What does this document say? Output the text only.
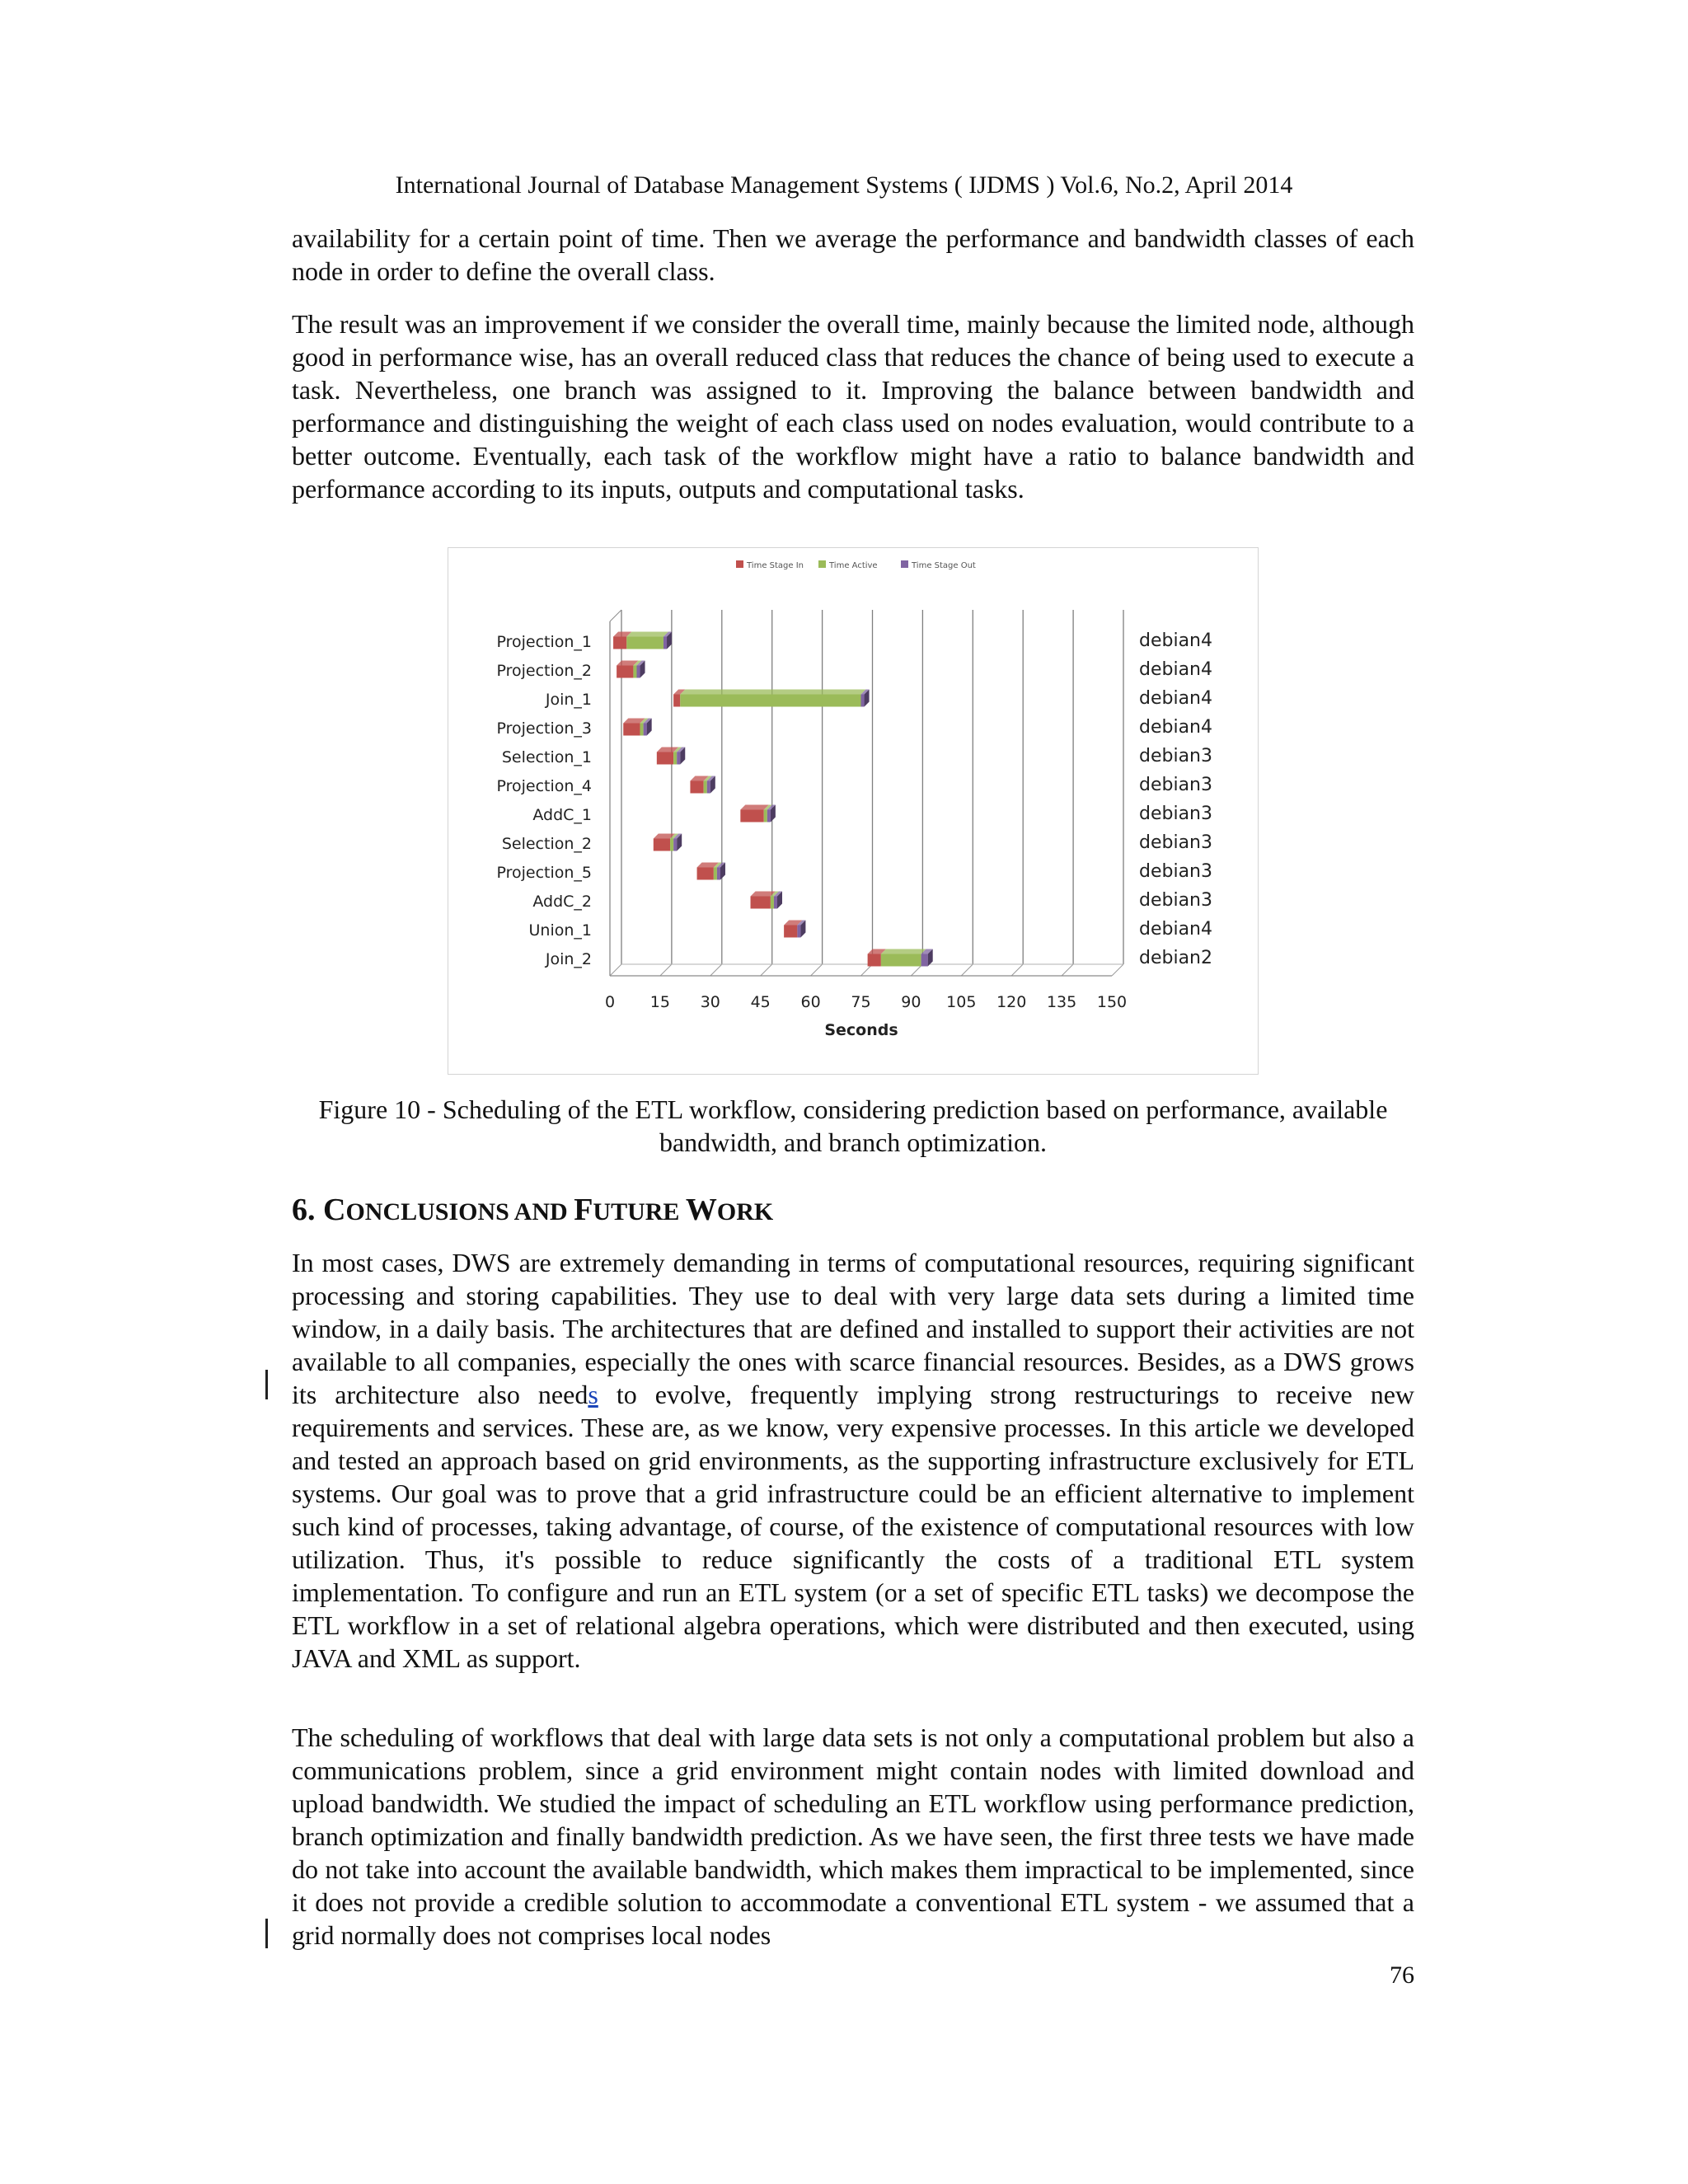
International Journal of Database Management Systems ( IJDMS ) Vol.6, No.2, April 2014

availability for a certain point of time. Then we average the performance and bandwidth classes of each node in order to define the overall class.

The result was an improvement if we consider the overall time, mainly because the limited node, although good in performance wise, has an overall reduced class that reduces the chance of being used to execute a task. Nevertheless, one branch was assigned to it. Improving the balance between bandwidth and performance and distinguishing the weight of each class used on nodes evaluation, would contribute to a better outcome. Eventually, each task of the workflow might have a ratio to balance bandwidth and performance according to its inputs, outputs and computational tasks.

Time Stage In	Time Active	Time Stage Out
Projection_1
Projection_2
Join_1
Projection_3
Selection_1
Projection_4
AddC_1
Selection_2
Projection_5
AddC_2
Union_1
Join_2
debian4
debian4
debian4
debian4
debian3
debian3
debian3
debian3
debian3
debian3
debian4
debian2
0 15 30 45 60 75 90 105 120 135 150
Seconds
Figure 10 - Scheduling of the ETL workflow, considering prediction based on performance, available bandwidth, and branch optimization.
6. CONCLUSIONS AND FUTURE WORK

In most cases, DWS are extremely demanding in terms of computational resources, requiring significant processing and storing capabilities. They use to deal with very large data sets during a limited time window, in a daily basis. The architectures that are defined and installed to support their activities are not available to all companies, especially the ones with scarce financial resources. Besides, as a DWS grows its architecture also needs to evolve, frequently implying strong restructurings to receive new requirements and services. These are, as we know, very expensive processes. In this article we developed and tested an approach based on grid environments, as the supporting infrastructure exclusively for ETL systems. Our goal was to prove that a grid infrastructure could be an efficient alternative to implement such kind of processes, taking advantage, of course, of the existence of computational resources with low utilization. Thus, it's possible to reduce significantly the costs of a traditional ETL system implementation. To configure and run an ETL system (or a set of specific ETL tasks) we decompose the ETL workflow in a set of relational algebra operations, which were distributed and then executed, using JAVA and XML as support.

The scheduling of workflows that deal with large data sets is not only a computational problem but also a communications problem, since a grid environment might contain nodes with limited download and upload bandwidth. We studied the impact of scheduling an ETL workflow using performance prediction, branch optimization and finally bandwidth prediction. As we have seen, the first three tests we have made do not take into account the available bandwidth, which makes them impractical to be implemented, since it does not provide a credible solution to accommodate a conventional ETL system - we assumed that a grid normally does not comprises local nodes

76
